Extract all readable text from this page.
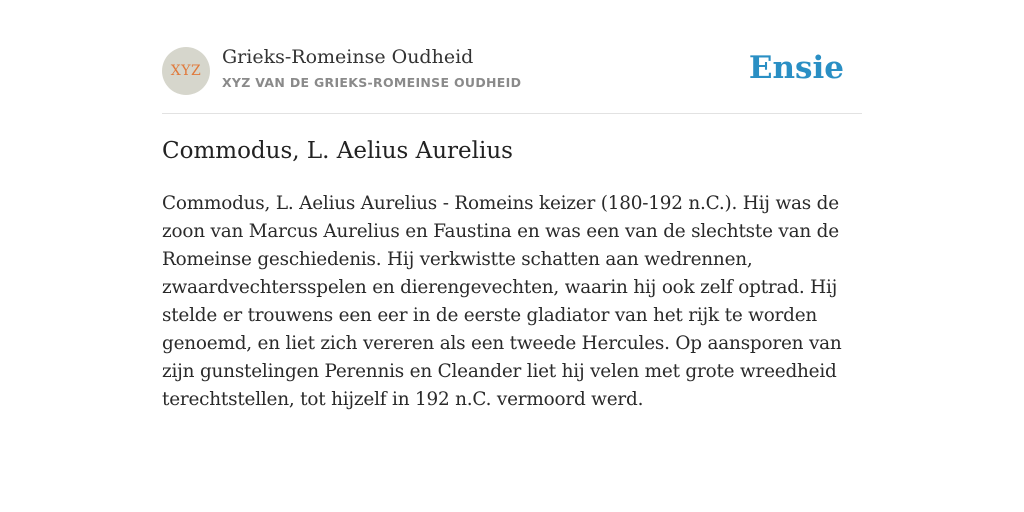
XYZ
Grieks-Romeinse Oudheid
XYZ VAN DE GRIEKS-ROMEINSE OUDHEID	Ensie
Commodus, L. Aelius Aurelius

Commodus, L. Aelius Aurelius - Romeins keizer (180-192 n.C.). Hij was de zoon van Marcus Aurelius en Faustina en was een van de slechtste van de Romeinse geschiedenis. Hij verkwistte schatten aan wedrennen, zwaardvechtersspelen en dierengevechten, waarin hij ook zelf optrad. Hij stelde er trouwens een eer in de eerste gladiator van het rijk te worden genoemd, en liet zich vereren als een tweede Hercules. Op aansporen van zijn gunstelingen Perennis en Cleander liet hij velen met grote wreedheid terechtstellen, tot hijzelf in 192 n.C. vermoord werd.
